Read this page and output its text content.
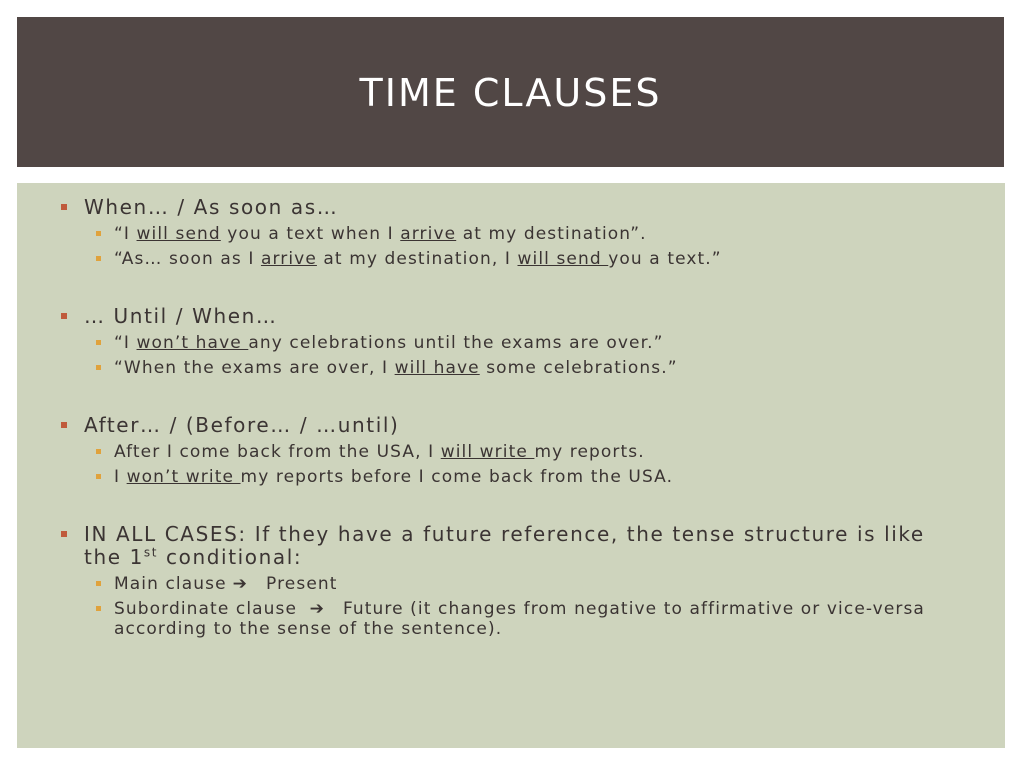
TIME CLAUSES
When… / As soon as…
“I will send you a text when I arrive at my destination”.
“As… soon as I arrive at my destination, I will send you a text.”
… Until / When…
“I won’t have any celebrations until the exams are over.”
“When the exams are over, I will have some celebrations.”
After… / (Before… / …until)
After I come back from the USA, I will write my reports.
I won’t write my reports before I come back from the USA.
IN ALL CASES: If they have a future reference, the tense structure is like the 1st conditional:
Main clause ➔ Present
Subordinate clause ➔ Future (it changes from negative to affirmative or vice-versa according to the sense of the sentence).
